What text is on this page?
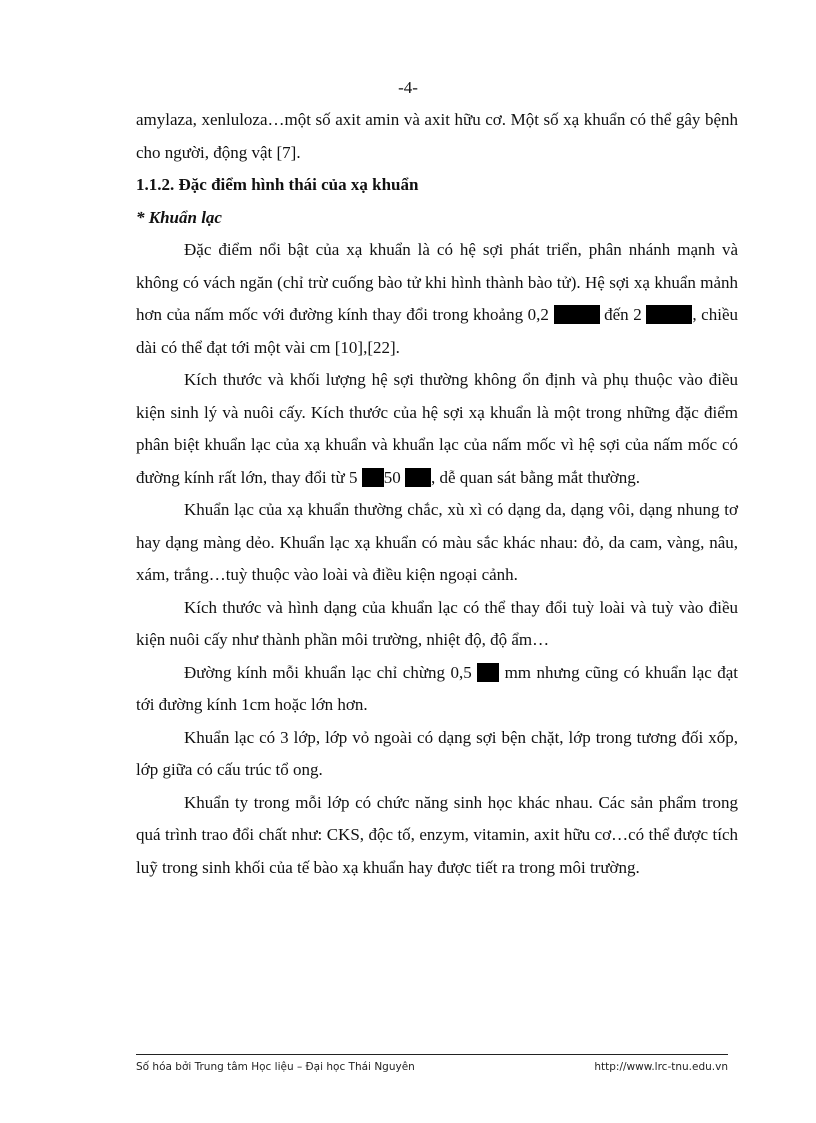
-4-

amylaza, xenluloza…một số axit amin và axit hữu cơ. Một số xạ khuẩn có thể gây bệnh cho người, động vật [7].

1.1.2. Đặc điểm hình thái của xạ khuẩn

* Khuẩn lạc

Đặc điểm nổi bật của xạ khuẩn là có hệ sợi phát triển, phân nhánh mạnh và không có vách ngăn (chỉ trừ cuống bào tử khi hình thành bào tử). Hệ sợi xạ khuẩn mảnh hơn của nấm mốc với đường kính thay đổi trong khoảng 0,2	đến 2	, chiều dài có thể đạt tới một vài cm [10],[22].

Kích thước và khối lượng hệ sợi thường không ổn định và phụ thuộc vào điều kiện sinh lý và nuôi cấy. Kích thước của hệ sợi xạ khuẩn là một trong những đặc điểm phân biệt khuẩn lạc của xạ khuẩn và khuẩn lạc của nấm mốc vì hệ sợi của nấm mốc có đường kính rất lớn, thay đổi từ 5 50 , dễ quan sát bằng mắt thường.

Khuẩn lạc của xạ khuẩn thường chắc, xù xì có dạng da, dạng vôi, dạng nhung tơ hay dạng màng dẻo. Khuẩn lạc xạ khuẩn có màu sắc khác nhau: đỏ, da cam, vàng, nâu, xám, trắng…tuỳ thuộc vào loài và điều kiện ngoại cảnh.

Kích thước và hình dạng của khuẩn lạc có thể thay đổi tuỳ loài và tuỳ vào điều kiện nuôi cấy như thành phần môi trường, nhiệt độ, độ ẩm…

Đường kính mỗi khuẩn lạc chỉ chừng 0,5 mm nhưng cũng có khuẩn lạc đạt tới đường kính 1cm hoặc lớn hơn.

Khuẩn lạc có 3 lớp, lớp vỏ ngoài có dạng sợi bện chặt, lớp trong tương đối xốp, lớp giữa có cấu trúc tổ ong.

Khuẩn ty trong mỗi lớp có chức năng sinh học khác nhau. Các sản phẩm trong quá trình trao đổi chất như: CKS, độc tố, enzym, vitamin, axit hữu cơ…có thể được tích luỹ trong sinh khối của tế bào xạ khuẩn hay được tiết ra trong môi trường.

Số hóa bởi Trung tâm Học liệu – Đại học Thái Nguyên	http://www.lrc-tnu.edu.vn
